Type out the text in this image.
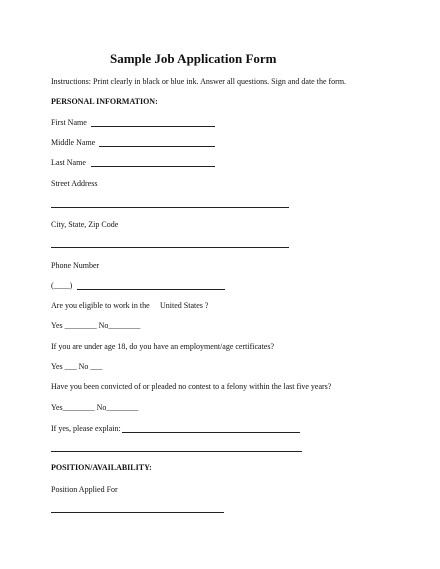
Sample Job Application Form
Instructions: Print clearly in black or blue ink. Answer all questions. Sign and date the form.
PERSONAL INFORMATION:
First Name
Middle Name
Last Name
Street Address
City, State, Zip Code
Phone Number
(____)
Are you eligible to work in the United States ?
Yes ________ No________
If you are under age 18, do you have an employment/age certificates?
Yes ___ No ___
Have you been convicted of or pleaded no contest to a felony within the last five years?
Yes________ No________
If yes, please explain:
POSITION/AVAILABILITY:
Position Applied For
